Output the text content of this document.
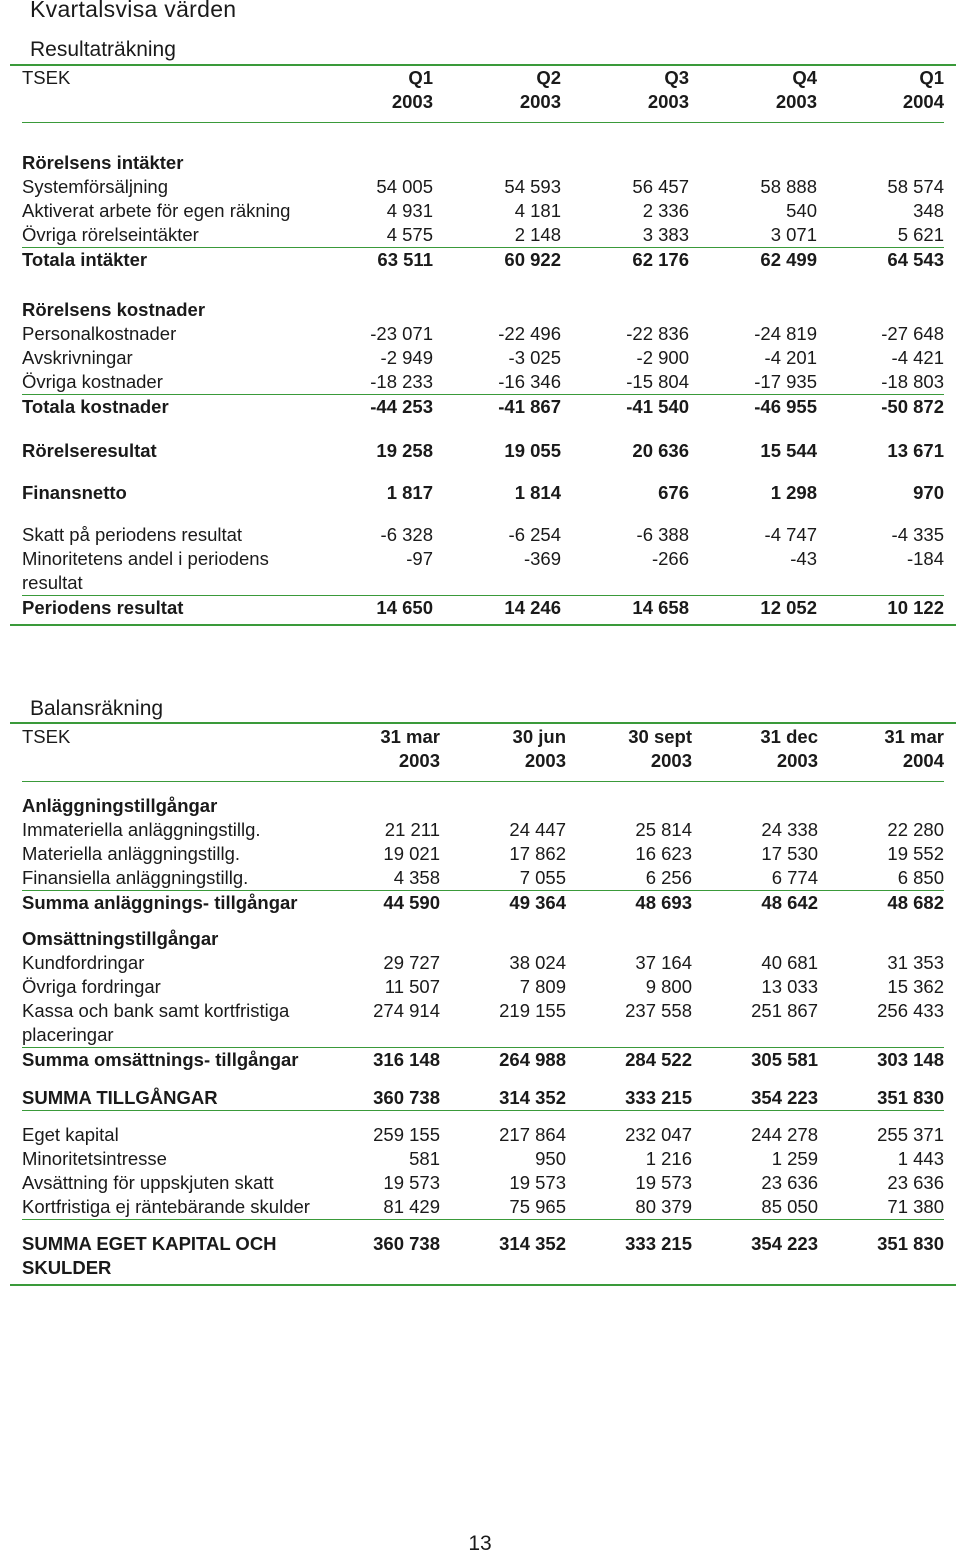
Kvartalsvisa värden
Resultaträkning
TSEK	Q1	Q2	Q3	Q4	Q1
	2003	2003	2003	2003	2004
Rörelsens intäkter					
Systemförsäljning	54 005	54 593	56 457	58 888	58 574
Aktiverat arbete för egen räkning	4 931	4 181	2 336	540	348
Övriga rörelseintäkter	4 575	2 148	3 383	3 071	5 621
Totala intäkter	63 511	60 922	62 176	62 499	64 543
Rörelsens kostnader					
Personalkostnader	-23 071	-22 496	-22 836	-24 819	-27 648
Avskrivningar	-2 949	-3 025	-2 900	-4 201	-4 421
Övriga kostnader	-18 233	-16 346	-15 804	-17 935	-18 803
Totala kostnader	-44 253	-41 867	-41 540	-46 955	-50 872
Rörelseresultat	19 258	19 055	20 636	15 544	13 671
Finansnetto	1 817	1 814	676	1 298	970
Skatt på periodens resultat	-6 328	-6 254	-6 388	-4 747	-4 335
Minoritetens andel i periodens resultat	-97	-369	-266	-43	-184
Periodens resultat	14 650	14 246	14 658	12 052	10 122
Balansräkning
TSEK	31 mar	30 jun	30 sept	31 dec	31 mar
	2003	2003	2003	2003	2004
Anläggningstillgångar					
Immateriella anläggningstillg.	21 211	24 447	25 814	24 338	22 280
Materiella anläggningstillg.	19 021	17 862	16 623	17 530	19 552
Finansiella anläggningstillg.	4 358	7 055	6 256	6 774	6 850
Summa anläggnings- tillgångar	44 590	49 364	48 693	48 642	48 682
Omsättningstillgångar					
Kundfordringar	29 727	38 024	37 164	40 681	31 353
Övriga fordringar	11 507	7 809	9 800	13 033	15 362
Kassa och bank samt kortfristiga placeringar	274 914	219 155	237 558	251 867	256 433
Summa omsättnings- tillgångar	316 148	264 988	284 522	305 581	303 148
SUMMA TILLGÅNGAR	360 738	314 352	333 215	354 223	351 830
Eget kapital	259 155	217 864	232 047	244 278	255 371
Minoritetsintresse	581	950	1 216	1 259	1 443
Avsättning för uppskjuten skatt	19 573	19 573	19 573	23 636	23 636
Kortfristiga ej räntebärande skulder	81 429	75 965	80 379	85 050	71 380
SUMMA EGET KAPITAL OCH SKULDER	360 738	314 352	333 215	354 223	351 830
13
